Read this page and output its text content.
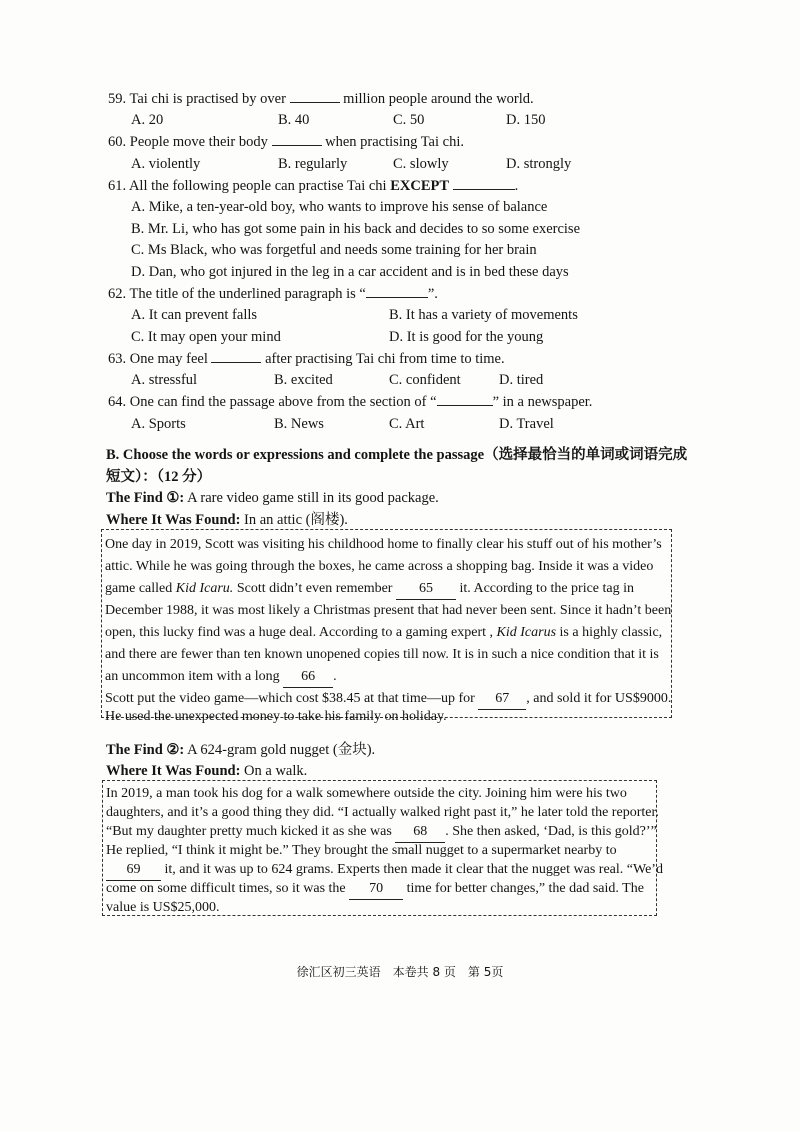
59. Tai chi is practised by over	million people around the world.
A. 20	B. 40	C. 50	D. 150
60. People move their body	when practising Tai chi.
A. violently	B. regularly	C. slowly	D. strongly
61. All the following people can practise Tai chi EXCEPT	.
A. Mike, a ten-year-old boy, who wants to improve his sense of balance
B. Mr. Li, who has got some pain in his back and decides to so some exercise
C. Ms Black, who was forgetful and needs some training for her brain
D. Dan, who got injured in the leg in a car accident and is in bed these days
62. The title of the underlined paragraph is “	”.
A. It can prevent falls	B. It has a variety of movements
C. It may open your mind	D. It is good for the young
63. One may feel	after practising Tai chi from time to time.
A. stressful	B. excited	C. confident	D. tired
64. One can find the passage above from the section of “	” in a newspaper.
A. Sports	B. News	C. Art	D. Travel
B. Choose the words or expressions and complete the passage（选择最恰当的单词或词语完成
短文）：（12 分）
The Find ①: A rare video game still in its good package.
Where It Was Found: In an attic (阁楼).
One day in 2019, Scott was visiting his childhood home to finally clear his stuff out of his mother’s
attic. While he was going through the boxes, he came across a shopping bag. Inside it was a video
game called Kid Icaru. Scott didn’t even remember 65 it. According to the price tag in
December 1988, it was most likely a Christmas present that had never been sent. Since it hadn’t been
open, this lucky find was a huge deal. According to a gaming expert , Kid Icarus is a highly classic,
and there are fewer than ten known unopened copies till now. It is in such a nice condition that it is
an uncommon item with a long 66 .
Scott put the video game—which cost $38.45 at that time—up for 67 , and sold it for US$9000.
He used the unexpected money to take his family on holiday.
The Find ②: A 624-gram gold nugget (金块).
Where It Was Found: On a walk.
In 2019, a man took his dog for a walk somewhere outside the city. Joining him were his two
daughters, and it’s a good thing they did. “I actually walked right past it,” he later told the reporter.
“But my daughter pretty much kicked it as she was 68 . She then asked, ‘Dad, is this gold?’”
He replied, “I think it might be.” They brought the small nugget to a supermarket nearby to
69 it, and it was up to 624 grams. Experts then made it clear that the nugget was real. “We’d
come on some difficult times, so it was the 70 time for better changes,” the dad said. The
value is US$25,000.
徐汇区初三英语　本卷共 8 页　第 5页
